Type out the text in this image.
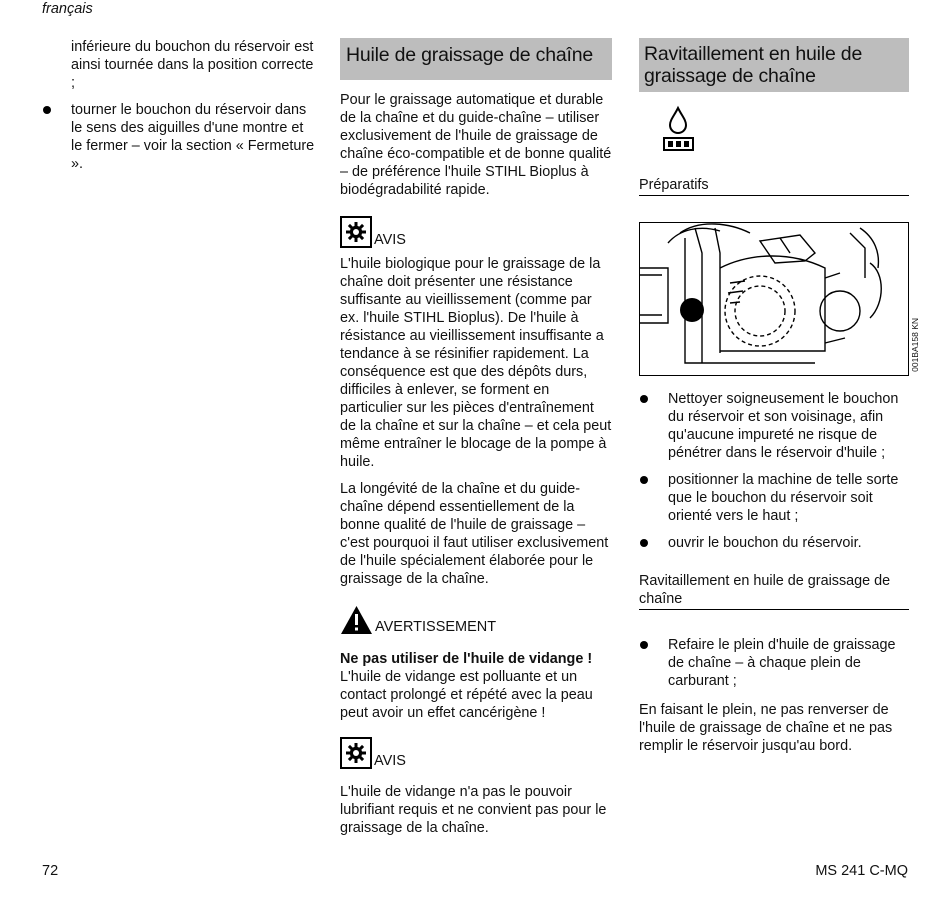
français
inférieure du bouchon du réservoir est ainsi tournée dans la position correcte ;
tourner le bouchon du réservoir dans le sens des aiguilles d'une montre et le fermer – voir la section « Fermeture ».
Huile de graissage de chaîne

Pour le graissage automatique et durable de la chaîne et du guide-chaîne – utiliser exclusivement de l'huile de graissage de chaîne éco-compatible et de bonne qualité – de préférence l'huile STIHL Bioplus à biodégradabilité rapide.

AVIS

L'huile biologique pour le graissage de la chaîne doit présenter une résistance suffisante au vieillissement (comme par ex. l'huile STIHL Bioplus). De l'huile à résistance au vieillissement insuffisante a tendance à se résinifier rapidement. La conséquence est que des dépôts durs, difficiles à enlever, se forment en particulier sur les pièces d'entraînement de la chaîne et sur la chaîne – et cela peut même entraîner le blocage de la pompe à huile.

La longévité de la chaîne et du guide-chaîne dépend essentiellement de la bonne qualité de l'huile de graissage – c'est pourquoi il faut utiliser exclusivement de l'huile spécialement élaborée pour le graissage de la chaîne.

AVERTISSEMENT
Ne pas utiliser de l'huile de vidange !

L'huile de vidange est polluante et un contact prolongé et répété avec la peau peut avoir un effet cancérigène !

AVIS

L'huile de vidange n'a pas le pouvoir lubrifiant requis et ne convient pas pour le graissage de la chaîne.

Ravitaillement en huile de graissage de chaîne
Préparatifs
001BA158 KN
Nettoyer soigneusement le bouchon du réservoir et son voisinage, afin qu'aucune impureté ne risque de pénétrer dans le réservoir d'huile ;
positionner la machine de telle sorte que le bouchon du réservoir soit orienté vers le haut ;
ouvrir le bouchon du réservoir.
Ravitaillement en huile de graissage de chaîne
Refaire le plein d'huile de graissage de chaîne – à chaque plein de carburant ;

En faisant le plein, ne pas renverser de l'huile de graissage de chaîne et ne pas remplir le réservoir jusqu'au bord.

72	MS 241 C-MQ
